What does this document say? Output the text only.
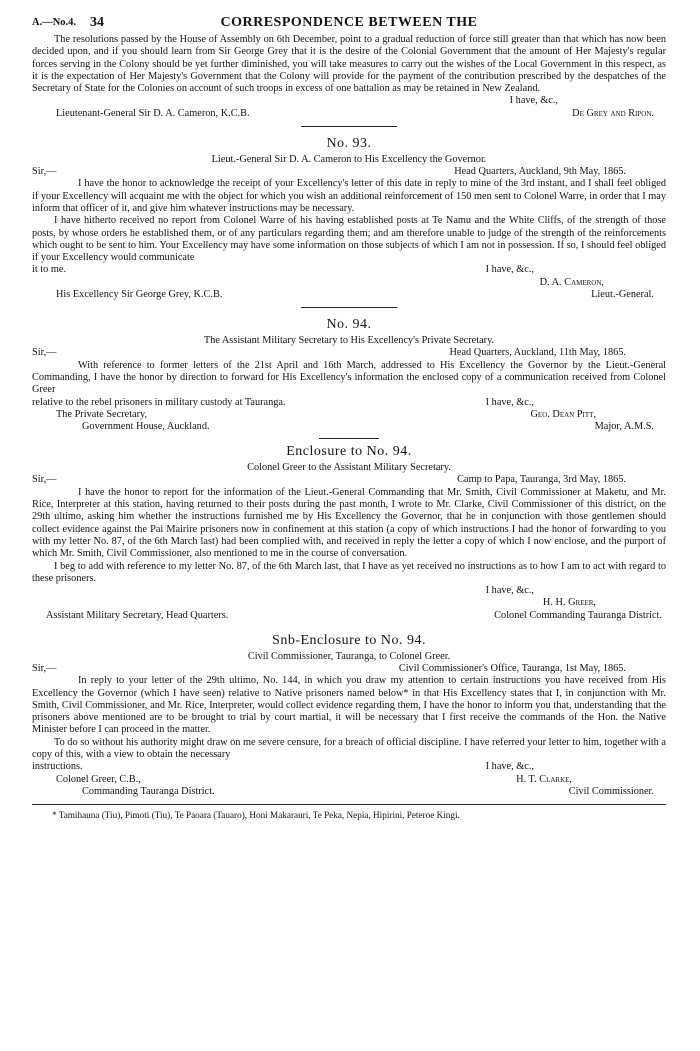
A.—No.4. 34	CORRESPONDENCE BETWEEN THE

The resolutions passed by the House of Assembly on 6th December, point to a gradual reduction of force still greater than that which has now been decided upon, and if you should learn from Sir George Grey that it is the desire of the Colonial Government that the amount of Her Majesty's regular forces serving in the Colony should be yet further diminished, you will take measures to carry out the wishes of the Local Government in this respect, as it is the expectation of Her Majesty's Government that the Colony will provide for the payment of the contribution prescribed by the despatches of the Secretary of State for the Colonies on account of such troops in excess of one battalion as may be retained in New Zealand.

I have, &c.,
Lieutenant-General Sir D. A. Cameron, K.C.B.	De Grey and Ripon.
No. 93.
Lieut.-General Sir D. A. Cameron to His Excellency the Governor.
Sir,—	Head Quarters, Auckland, 9th May, 1865.

I have the honor to acknowledge the receipt of your Excellency's letter of this date in reply to mine of the 3rd instant, and I shall feel obliged if your Excellency will acquaint me with the object for which you wish an additional reinforcement of 150 men sent to Colonel Warre, in order that I may inform that officer of it, and give him whatever instructions may be necessary.

I have hitherto received no report from Colonel Warre of his having established posts at Te Namu and the White Cliffs, of the strength of those posts, by whose orders he established them, or of any particulars regarding them; and am therefore unable to judge of the strength of the reinforcements which ought to be sent to him. Your Excellency may have some information on those subjects of which I am not in possession. If so, I should feel obliged if your Excellency would communicate

it to me.	I have, &c.,
D. A. Cameron,
His Excellency Sir George Grey, K.C.B.	Lieut.-General.
No. 94.
The Assistant Military Secretary to His Excellency's Private Secretary.
Sir,—	Head Quarters, Auckland, 11th May, 1865.

With reference to former letters of the 21st April and 16th March, addressed to His Excellency the Governor by the Lieut.-General Commanding, I have the honor by direction to forward for His Excellency's information the enclosed copy of a communication received from Colonel Greer

relative to the rebel prisoners in military custody at Tauranga.	I have, &c.,
The Private Secretary,	Geo. Dean Pitt,
Government House, Auckland.	Major, A.M.S.
Enclosure to No. 94.
Colonel Greer to the Assistant Military Secretary.
Sir,—	Camp to Papa, Tauranga, 3rd May, 1865.

I have the honor to report for the information of the Lieut.-General Commanding that Mr. Smith, Civil Commissioner at Maketu, and Mr. Rice, Interpreter at this station, having returned to their posts during the past month, I wrote to Mr. Clarke, Civil Commissioner of this district, on the 29th ultimo, asking him whether the instructions furnished me by His Excellency the Governor, that he in conjunction with those gentlemen should collect evidence against the Pai Mairire prisoners now in confinement at this station (a copy of which instructions I had the honor of forwarding to you with my letter No. 87, of the 6th March last) had been complied with, and received in reply the letter a copy of which I now enclose, and the purport of which Mr. Smith, Civil Commissioner, also mentioned to me in the course of conversation.

I beg to add with reference to my letter No. 87, of the 6th March last, that I have as yet received no instructions as to how I am to act with regard to these prisoners.

I have, &c.,
H. H. Greer,
Assistant Military Secretary, Head Quarters.	Colonel Commanding Tauranga District.
Snb-Enclosure to No. 94.
Civil Commissioner, Tauranga, to Colonel Greer.
Sir,—	Civil Commissioner's Office, Tauranga, 1st May, 1865.

In reply to your letter of the 29th ultimo, No. 144, in which you draw my attention to certain instructions you have received from His Excellency the Governor (which I have seen) relative to Native prisoners named below* in that His Excellency states that I, in conjunction with Mr. Smith, Civil Commissioner, and Mr. Rice, Interpreter, would collect evidence regarding them, I have the honor to inform you that, understanding that the prisoners above mentioned are to be brought to trial by court martial, it will be necessary that I first receive the commands of the Hon. the Native Minister before I can proceed in the matter.

To do so without his authority might draw on me severe censure, for a breach of official discipline. I have referred your letter to him, together with a copy of this, with a view to obtain the necessary

instructions.	I have, &c.,
Colonel Greer, C.B.,	H. T. Clarke,
Commanding Tauranga District.	Civil Commissioner.
* Tamihauna (Tiu), Pimoti (Tiu), Te Paoara (Tauaro), Honi Makarauri, Te Peka, Nepia, Hipirini, Peteroe Kingi.
